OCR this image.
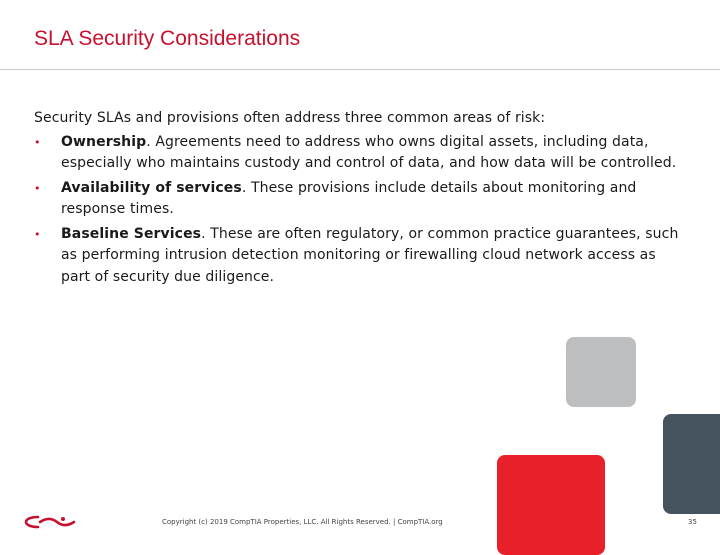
SLA Security Considerations

Security SLAs and provisions often address three common areas of risk:

• Ownership. Agreements need to address who owns digital assets, including data, especially who maintains custody and control of data, and how data will be controlled.
• Availability of services. These provisions include details about monitoring and response times.
• Baseline Services. These are often regulatory, or common practice guarantees, such as performing intrusion detection monitoring or firewalling cloud network access as part of security due diligence.
Copyright (c) 2019 CompTIA Properties, LLC. All Rights Reserved. | CompTIA.org	35
